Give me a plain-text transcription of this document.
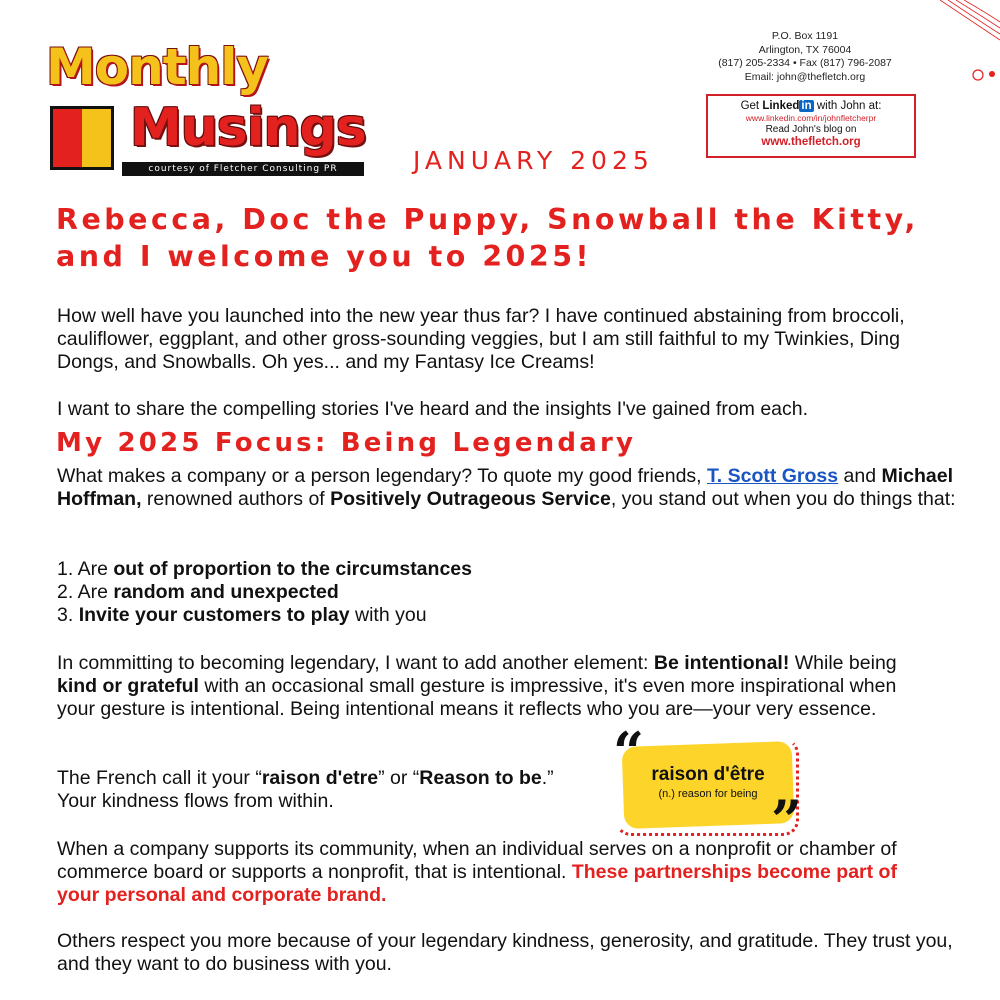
Monthly
Musings
courtesy of Fletcher Consulting PR	JANUARY 2025
P.O. Box 1191
Arlington, TX 76004
(817) 205-2334 • Fax (817) 796-2087
Email: john@thefletch.org
Get Linked in with John at:
www.linkedin.com/in/johnfletcherpr
Read John's blog on
www.thefletch.org
Rebecca, Doc the Puppy, Snowball the Kitty, and I welcome you to 2025!
How well have you launched into the new year thus far? I have continued abstaining from broccoli, cauliflower, eggplant, and other gross-sounding veggies, but I am still faithful to my Twinkies, Ding Dongs, and Snowballs. Oh yes... and my Fantasy Ice Creams!
I want to share the compelling stories I've heard and the insights I've gained from each.
My 2025 Focus: Being Legendary
What makes a company or a person legendary? To quote my good friends, T. Scott Gross and Michael Hoffman, renowned authors of Positively Outrageous Service, you stand out when you do things that:
1. Are out of proportion to the circumstances
2. Are random and unexpected
3. Invite your customers to play with you
In committing to becoming legendary, I want to add another element: Be intentional! While being kind or grateful with an occasional small gesture is impressive, it's even more inspirational when your gesture is intentional. Being intentional means it reflects who you are—your very essence.
The French call it your “raison d'etre” or “Reason to be.”
Your kindness flows from within.
raison d'être
(n.) reason for being
“
”
When a company supports its community, when an individual serves on a nonprofit or chamber of commerce board or supports a nonprofit, that is intentional. These partnerships become part of your personal and corporate brand.
Others respect you more because of your legendary kindness, generosity, and gratitude. They trust you, and they want to do business with you.
